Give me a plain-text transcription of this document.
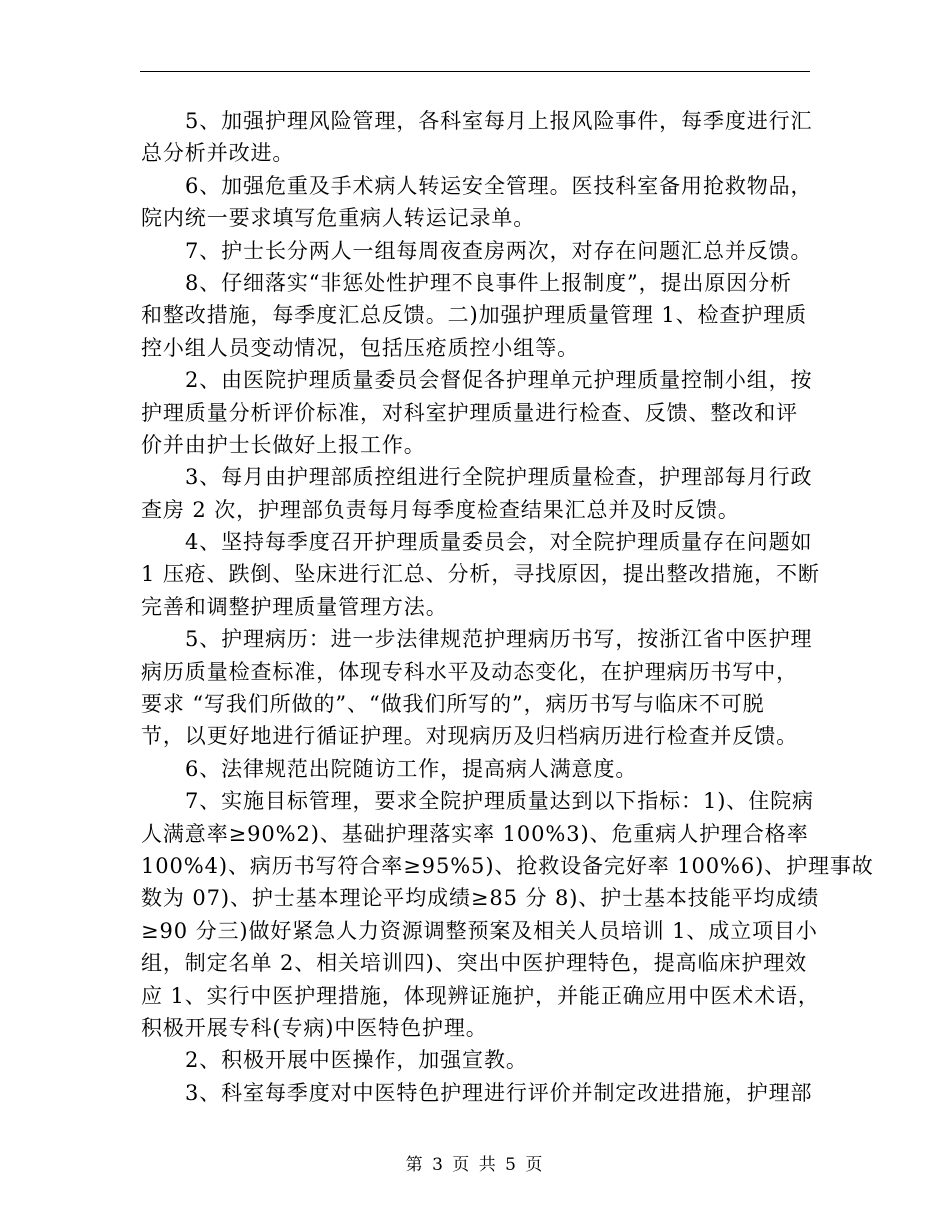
5、加强护理风险管理，各科室每月上报风险事件，每季度进行汇
总分析并改进。
6、加强危重及手术病人转运安全管理。医技科室备用抢救物品，
院内统一要求填写危重病人转运记录单。
7、护士长分两人一组每周夜查房两次，对存在问题汇总并反馈。
8、仔细落实“非惩处性护理不良事件上报制度”，提出原因分析
和整改措施，每季度汇总反馈。二)加强护理质量管理 1、检查护理质
控小组人员变动情况，包括压疮质控小组等。
2、由医院护理质量委员会督促各护理单元护理质量控制小组，按
护理质量分析评价标准，对科室护理质量进行检查、反馈、整改和评
价并由护士长做好上报工作。
3、每月由护理部质控组进行全院护理质量检查，护理部每月行政
查房 2 次，护理部负责每月每季度检查结果汇总并及时反馈。
4、坚持每季度召开护理质量委员会，对全院护理质量存在问题如
1 压疮、跌倒、坠床进行汇总、分析，寻找原因，提出整改措施，不断
完善和调整护理质量管理方法。
5、护理病历：进一步法律规范护理病历书写，按浙江省中医护理
病历质量检查标准，体现专科水平及动态变化，在护理病历书写中，
要求 “写我们所做的”、“做我们所写的”，病历书写与临床不可脱
节，以更好地进行循证护理。对现病历及归档病历进行检查并反馈。
6、法律规范出院随访工作，提高病人满意度。
7、实施目标管理，要求全院护理质量达到以下指标：1)、住院病
人满意率≥90%2)、基础护理落实率 100%3)、危重病人护理合格率
100%4)、病历书写符合率≥95%5)、抢救设备完好率 100%6)、护理事故
数为 07)、护士基本理论平均成绩≥85 分 8)、护士基本技能平均成绩
≥90 分三)做好紧急人力资源调整预案及相关人员培训 1、成立项目小
组，制定名单 2、相关培训四)、突出中医护理特色，提高临床护理效
应 1、实行中医护理措施，体现辨证施护，并能正确应用中医术术语，
积极开展专科(专病)中医特色护理。
2、积极开展中医操作，加强宣教。
3、科室每季度对中医特色护理进行评价并制定改进措施，护理部
第 3 页 共 5 页
